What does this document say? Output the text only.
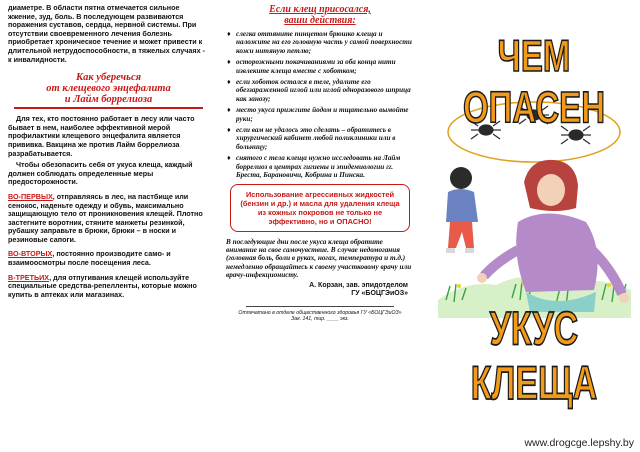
диаметре. В области пятна отмечается сильное жжение, зуд, боль. В последующем развиваются поражения суставов, сердца, нервной системы. При отсутствии своевременного лечения болезнь приобретает хроническое течение и может привести к длительной нетрудоспособности, в тяжелых случаях - к инвалидности.

Как уберечься

от клещевого энцефалита

и Лайм боррелиоза

Для тех, кто постоянно работает в лесу или часто бывает в нем, наиболее эффективной мерой профилактики клещевого энцефалита является прививка. Вакцина же против Лайм боррелиоза разрабатывается.

Чтобы обезопасить себя от укуса клеща, каждый должен соблюдать определенные меры предосторожности.

ВО-ПЕРВЫХ, отправляясь в лес, на пастбище или сенокос, наденьте одежду и обувь, максимально защищающую тело от проникновения клещей. Плотно застегните воротник, стяните манжеты резинкой, рубашку заправьте в брюки, брюки – в носки и резиновые сапоги.

ВО-ВТОРЫХ, постоянно производите само- и взаимоосмотры после посещения леса.

В-ТРЕТЬИХ, для отпугивания клещей используйте специальные средства-репелленты, которые можно купить в аптеках или магазинах.

Если клещ присосался,

ваши действия:

♦ слегка оттяните пинцетом брюшко клеща и наложите на его головную часть у самой поверхности кожи нитяную петлю;
♦ осторожными покачиваниями за оба конца нити извлеките клеща вместе с хоботком;
♦ если хоботок остался в теле, удалите его обеззараженной иглой или иглой одноразового шприца как занозу;
♦ место укуса прижгите йодом и тщательно вымойте руки;
♦ если вам не удалось это сделать – обратитесь в хирургический кабинет любой поликлиники или в больницу;
♦ снятого с тела клеща нужно исследовать на Лайм боррелиоз в центрах гигиены и эпидемиологии гг. Бреста, Барановичи, Кобрина и Пинска.
Использование агрессивных жидкостей (бензин и др.) и масла для удаления клеща из кожных покровов не только не эффективно, но и ОПАСНО!

В последующие дни после укуса клеща обратите внимание на свое самочувствие. В случае недомогания (головная боль, боли в руках, ногах, температура и т.д.) немедленно обращайтесь к своему участковому врачу или врачу-инфекционисту.

А. Корзан, зав. эпидотделом

ГУ «БОЦГЭиОЗ»

Отпечатано в отделе общественного здоровья ГУ «БОЦГЭиОЗ»

Зак. 141, тир. ____ экз.

ЧЕМ ОПАСЕН
УКУС КЛЕЩА
www.drogcge.lepshy.by
